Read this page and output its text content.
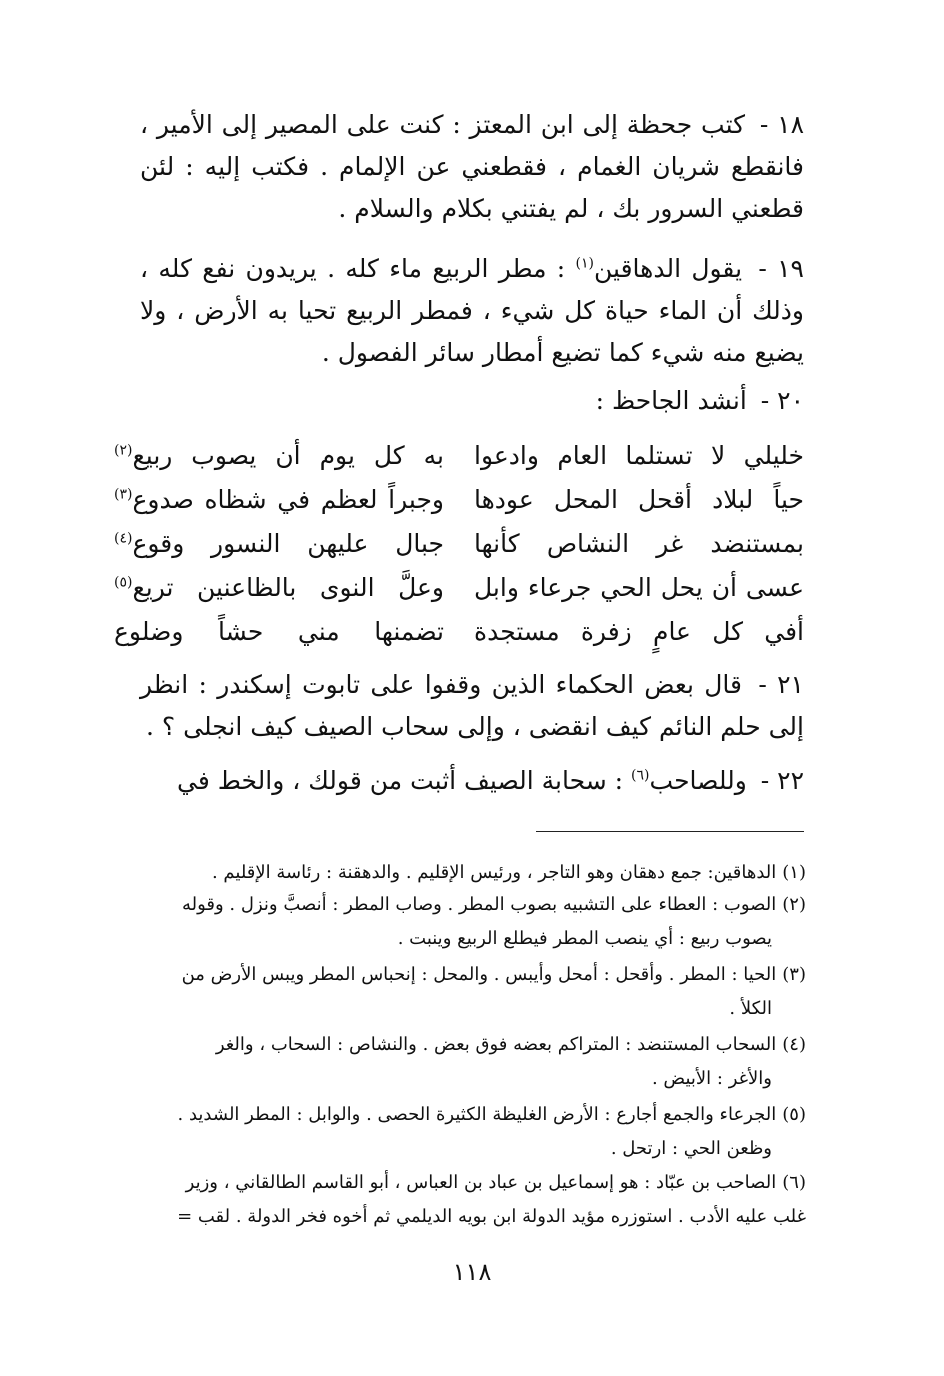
١٨ - كتب جحظة إلى ابن المعتز : كنت على المصير إلى الأمير ، فانقطع شريان الغمام ، فقطعني عن الإلمام . فكتب إليه : لئن قطعني السرور بك ، لم يفتني بكلام والسلام .
١٩ - يقول الدهاقين$^{(١)}$ : مطر الربيع ماء كله . يريدون نفع كله ، وذلك أن الماء حياة كل شيء ، فمطر الربيع تحيا به الأرض ، ولا يضيع منه شيء كما تضيع أمطار سائر الفصول .
٢٠ - أنشد الجاحظ :
خليلي لا تستلما العام وادعوا
به كل يوم أن يصوب ربيع$^{(٢)}$
حياً لبلاد أقحل المحل عودها
وجبراً لعظم في شظاه صدوع$^{(٣)}$
بمستنضد غر النشاص كأنها
جبال عليهن النسور وقوع$^{(٤)}$
عسى أن يحل الحي جرعاء وابل
وعلَّ النوى بالظاعنين تريع$^{(٥)}$
أفي كل عامٍ زفرة مستجدة
تضمنها مني حشاً وضلوع
٢١ - قال بعض الحكماء الذين وقفوا على تابوت إسكندر : انظر إلى حلم النائم كيف انقضى ، وإلى سحاب الصيف كيف انجلى ؟ .
٢٢ - وللصاحب$^{(٦)}$ : سحابة الصيف أثبت من قولك ، والخط في
(١)الدهاقين: جمع دهقان وهو التاجر ، ورئيس الإقليم . والدهقنة : رئاسة الإقليم .
(٢)الصوب : العطاء على التشبيه بصوب المطر . وصاب المطر : أنصبَّ ونزل . وقوله
يصوب ربيع : أي ينصب المطر فيطلع الربيع وينبت .
(٣)الحيا : المطر . وأقحل : أمحل وأيبس . والمحل : إنحباس المطر ويبس الأرض من
الكلأ .
(٤)السحاب المستنضد : المتراكم بعضه فوق بعض . والنشاص : السحاب ، والغر
والأغر : الأبيض .
(٥)الجرعاء والجمع أجارع : الأرض الغليظة الكثيرة الحصى . والوابل : المطر الشديد .
وظعن الحي : ارتحل .
(٦)الصاحب بن عبّاد : هو إسماعيل بن عباد بن العباس ، أبو القاسم الطالقاني ، وزير
غلب عليه الأدب . استوزره مؤيد الدولة ابن بويه الديلمي ثم أخوه فخر الدولة . لقب =
١١٨
